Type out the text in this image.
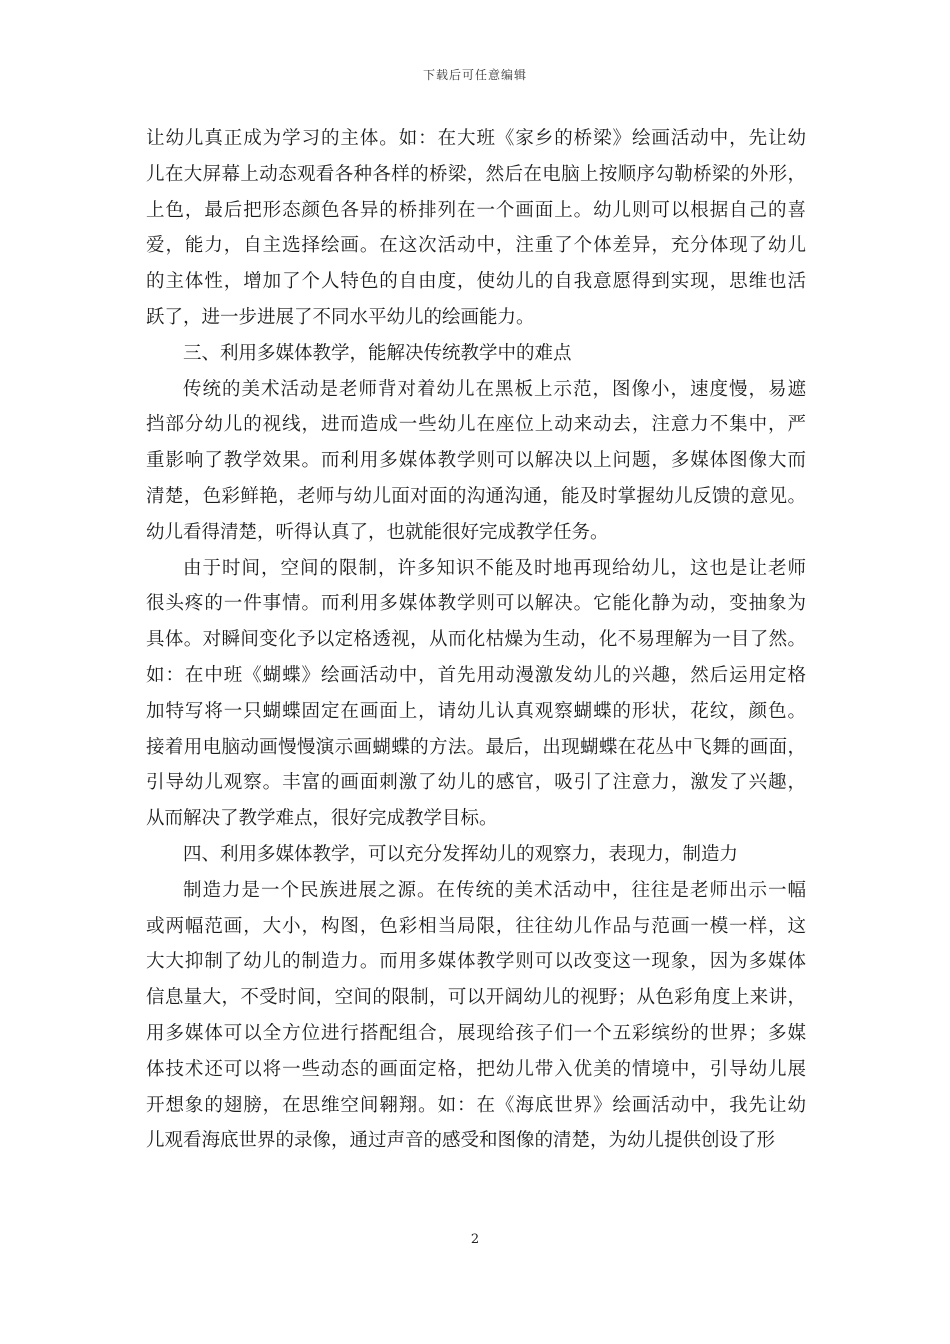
下载后可任意编辑
让幼儿真正成为学习的主体。如：在大班《家乡的桥梁》绘画活动中，先让幼
儿在大屏幕上动态观看各种各样的桥梁，然后在电脑上按顺序勾勒桥梁的外形，
上色，最后把形态颜色各异的桥排列在一个画面上。幼儿则可以根据自己的喜
爱，能力，自主选择绘画。在这次活动中，注重了个体差异，充分体现了幼儿
的主体性，增加了个人特色的自由度，使幼儿的自我意愿得到实现，思维也活
跃了，进一步进展了不同水平幼儿的绘画能力。
三、利用多媒体教学，能解决传统教学中的难点
传统的美术活动是老师背对着幼儿在黑板上示范，图像小，速度慢，易遮
挡部分幼儿的视线，进而造成一些幼儿在座位上动来动去，注意力不集中，严
重影响了教学效果。而利用多媒体教学则可以解决以上问题，多媒体图像大而
清楚，色彩鲜艳，老师与幼儿面对面的沟通沟通，能及时掌握幼儿反馈的意见。
幼儿看得清楚，听得认真了，也就能很好完成教学任务。
由于时间，空间的限制，许多知识不能及时地再现给幼儿，这也是让老师
很头疼的一件事情。而利用多媒体教学则可以解决。它能化静为动，变抽象为
具体。对瞬间变化予以定格透视，从而化枯燥为生动，化不易理解为一目了然。
如：在中班《蝴蝶》绘画活动中，首先用动漫激发幼儿的兴趣，然后运用定格
加特写将一只蝴蝶固定在画面上，请幼儿认真观察蝴蝶的形状，花纹，颜色。
接着用电脑动画慢慢演示画蝴蝶的方法。最后，出现蝴蝶在花丛中飞舞的画面，
引导幼儿观察。丰富的画面刺激了幼儿的感官，吸引了注意力，激发了兴趣，
从而解决了教学难点，很好完成教学目标。
四、利用多媒体教学，可以充分发挥幼儿的观察力，表现力，制造力
制造力是一个民族进展之源。在传统的美术活动中，往往是老师出示一幅
或两幅范画，大小，构图，色彩相当局限，往往幼儿作品与范画一模一样，这
大大抑制了幼儿的制造力。而用多媒体教学则可以改变这一现象，因为多媒体
信息量大，不受时间，空间的限制，可以开阔幼儿的视野；从色彩角度上来讲，
用多媒体可以全方位进行搭配组合，展现给孩子们一个五彩缤纷的世界；多媒
体技术还可以将一些动态的画面定格，把幼儿带入优美的情境中，引导幼儿展
开想象的翅膀，在思维空间翱翔。如：在《海底世界》绘画活动中，我先让幼
儿观看海底世界的录像，通过声音的感受和图像的清楚，为幼儿提供创设了形
2
